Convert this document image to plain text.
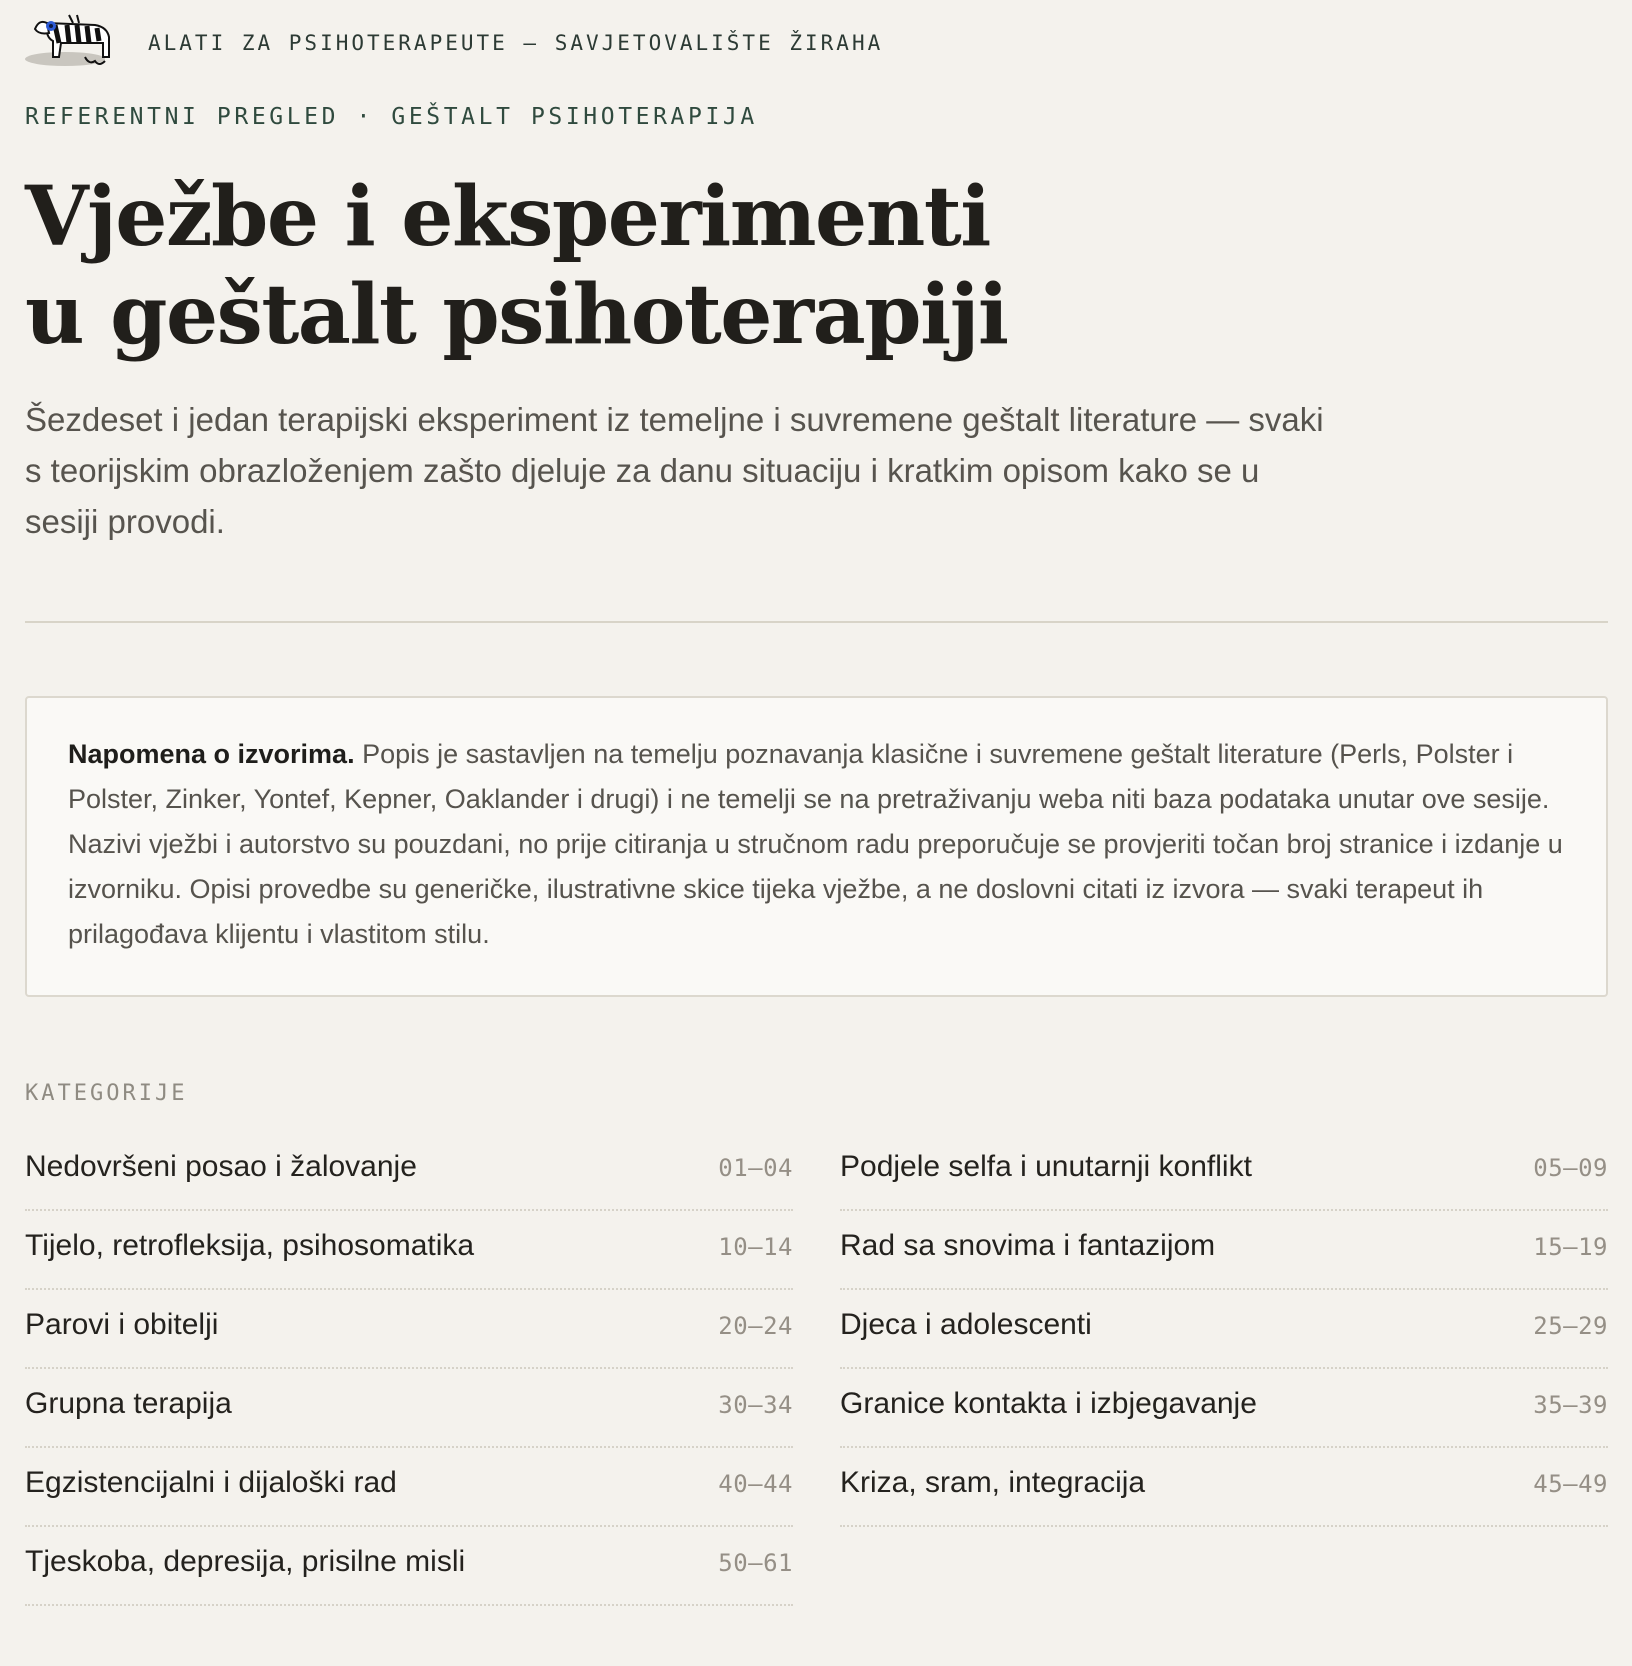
ALATI ZA PSIHOTERAPEUTE — SAVJETOVALIŠTE ŽIRAHA
REFERENTNI PREGLED · GEŠTALT PSIHOTERAPIJA
Vježbe i eksperimenti
u geštalt psihoterapiji

Šezdeset i jedan terapijski eksperiment iz temeljne i suvremene geštalt literature — svaki s teorijskim obrazloženjem zašto djeluje za danu situaciju i kratkim opisom kako se u sesiji provodi.

Napomena o izvorima. Popis je sastavljen na temelju poznavanja klasične i suvremene geštalt literature (Perls, Polster i Polster, Zinker, Yontef, Kepner, Oaklander i drugi) i ne temelji se na pretraživanju weba niti baza podataka unutar ove sesije. Nazivi vježbi i autorstvo su pouzdani, no prije citiranja u stručnom radu preporučuje se provjeriti točan broj stranice i izdanje u izvorniku. Opisi provedbe su generičke, ilustrativne skice tijeka vježbe, a ne doslovni citati iz izvora — svaki terapeut ih prilagođava klijentu i vlastitom stilu.
KATEGORIJE
Nedovršeni posao i žalovanje	01–04 Podjele selfa i unutarnji konflikt	05–09
Tijelo, retrofleksija, psihosomatika	10–14 Rad sa snovima i fantazijom	15–19
Parovi i obitelji	20–24 Djeca i adolescenti	25–29
Grupna terapija	30–34 Granice kontakta i izbjegavanje	35–39
Egzistencijalni i dijaloški rad	40–44 Kriza, sram, integracija	45–49
Tjeskoba, depresija, prisilne misli	50–61
